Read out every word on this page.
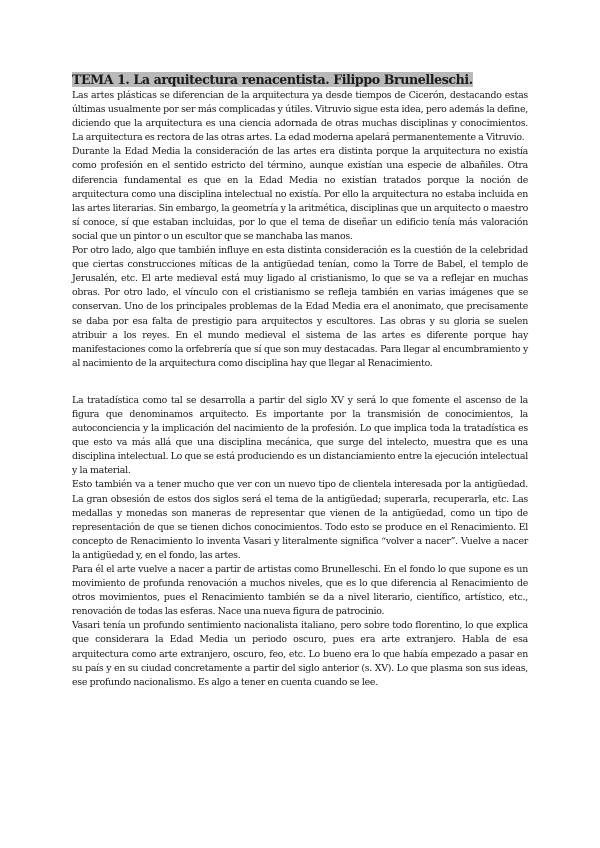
TEMA 1. La arquitectura renacentista. Filippo Brunelleschi.

Las artes plásticas se diferencian de la arquitectura ya desde tiempos de Cicerón, destacando estas últimas usualmente por ser más complicadas y útiles. Vitruvio sigue esta idea, pero además la define, diciendo que la arquitectura es una ciencia adornada de otras muchas disciplinas y conocimientos. La arquitectura es rectora de las otras artes. La edad moderna apelará permanentemente a Vitruvio.

Durante la Edad Media la consideración de las artes era distinta porque la arquitectura no existía como profesión en el sentido estricto del término, aunque existían una especie de albañiles. Otra diferencia fundamental es que en la Edad Media no existían tratados porque la noción de arquitectura como una disciplina intelectual no existía. Por ello la arquitectura no estaba incluida en las artes literarias. Sin embargo, la geometría y la aritmética, disciplinas que un arquitecto o maestro sí conoce, sí que estaban incluidas, por lo que el tema de diseñar un edificio tenía más valoración social que un pintor o un escultor que se manchaba las manos.

Por otro lado, algo que también influye en esta distinta consideración es la cuestión de la celebridad que ciertas construcciones míticas de la antigüedad tenían, como la Torre de Babel, el templo de Jerusalén, etc. El arte medieval está muy ligado al cristianismo, lo que se va a reflejar en muchas obras. Por otro lado, el vínculo con el cristianismo se refleja también en varias imágenes que se conservan. Uno de los principales problemas de la Edad Media era el anonimato, que precisamente se daba por esa falta de prestigio para arquitectos y escultores. Las obras y su gloria se suelen atribuir a los reyes. En el mundo medieval el sistema de las artes es diferente porque hay manifestaciones como la orfebrería que sí que son muy destacadas. Para llegar al encumbramiento y al nacimiento de la arquitectura como disciplina hay que llegar al Renacimiento.

La tratadística como tal se desarrolla a partir del siglo XV y será lo que fomente el ascenso de la figura que denominamos arquitecto. Es importante por la transmisión de conocimientos, la autoconciencia y la implicación del nacimiento de la profesión. Lo que implica toda la tratadística es que esto va más allá que una disciplina mecánica, que surge del intelecto, muestra que es una disciplina intelectual. Lo que se está produciendo es un distanciamiento entre la ejecución intelectual y la material.

Esto también va a tener mucho que ver con un nuevo tipo de clientela interesada por la antigüedad. La gran obsesión de estos dos siglos será el tema de la antigüedad; superarla, recuperarla, etc. Las medallas y monedas son maneras de representar que vienen de la antigüedad, como un tipo de representación de que se tienen dichos conocimientos. Todo esto se produce en el Renacimiento. El concepto de Renacimiento lo inventa Vasari y literalmente significa “volver a nacer”. Vuelve a nacer la antigüedad y, en el fondo, las artes.

Para él el arte vuelve a nacer a partir de artistas como Brunelleschi. En el fondo lo que supone es un movimiento de profunda renovación a muchos niveles, que es lo que diferencia al Renacimiento de otros movimientos, pues el Renacimiento también se da a nivel literario, científico, artístico, etc., renovación de todas las esferas. Nace una nueva figura de patrocinio.

Vasari tenía un profundo sentimiento nacionalista italiano, pero sobre todo florentino, lo que explica que considerara la Edad Media un periodo oscuro, pues era arte extranjero. Habla de esa arquitectura como arte extranjero, oscuro, feo, etc. Lo bueno era lo que había empezado a pasar en su país y en su ciudad concretamente a partir del siglo anterior (s. XV). Lo que plasma son sus ideas, ese profundo nacionalismo. Es algo a tener en cuenta cuando se lee.
